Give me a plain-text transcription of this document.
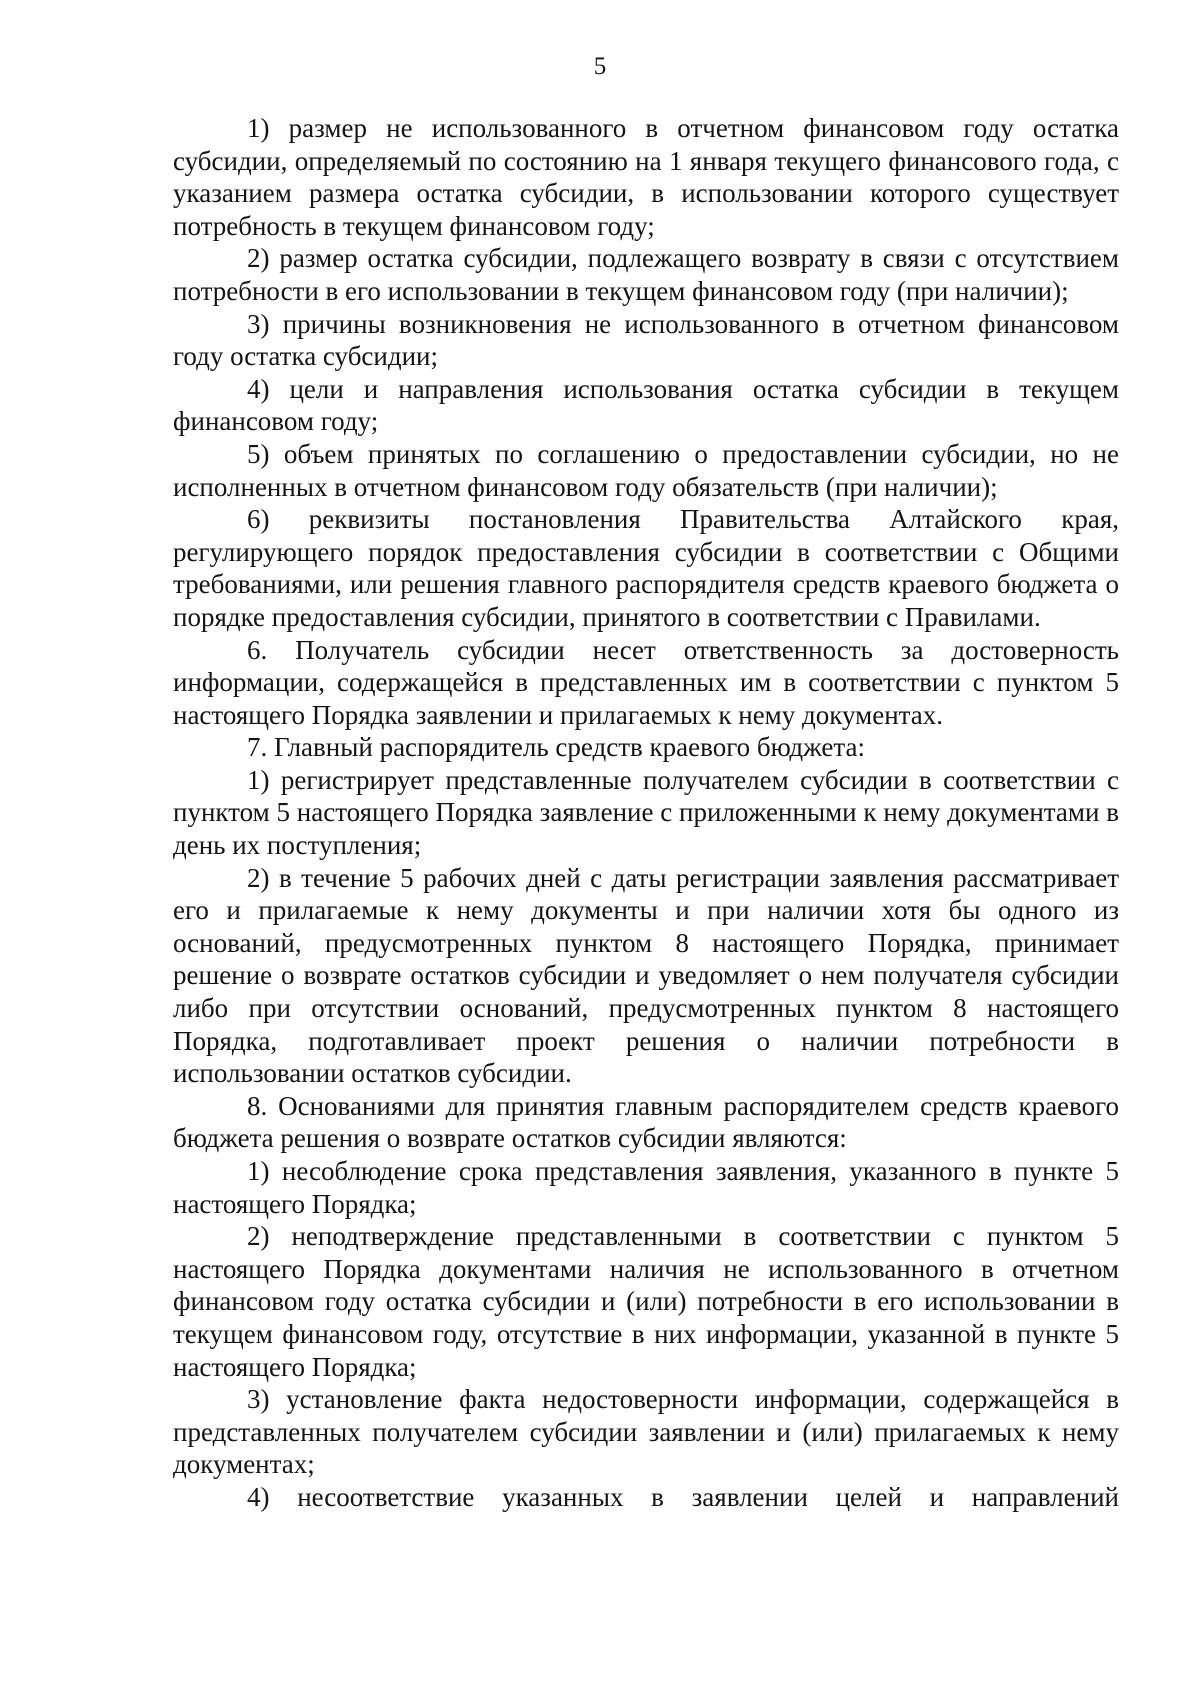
5

1) размер не использованного в отчетном финансовом году остатка субсидии, определяемый по состоянию на 1 января текущего финансового года, с указанием размера остатка субсидии, в использовании которого существует потребность в текущем финансовом году;

2) размер остатка субсидии, подлежащего возврату в связи с отсутствием потребности в его использовании в текущем финансовом году (при наличии);

3) причины возникновения не использованного в отчетном финансовом году остатка субсидии;

4) цели и направления использования остатка субсидии в текущем финансовом году;

5) объем принятых по соглашению о предоставлении субсидии, но не исполненных в отчетном финансовом году обязательств (при наличии);

6) реквизиты постановления Правительства Алтайского края, регулирующего порядок предоставления субсидии в соответствии с Общими требованиями, или решения главного распорядителя средств краевого бюджета о порядке предоставления субсидии, принятого в соответствии с Правилами.

6. Получатель субсидии несет ответственность за достоверность информации, содержащейся в представленных им в соответствии с пунктом 5 настоящего Порядка заявлении и прилагаемых к нему документах.

7. Главный распорядитель средств краевого бюджета:

1) регистрирует представленные получателем субсидии в соответствии с пунктом 5 настоящего Порядка заявление с приложенными к нему документами в день их поступления;

2) в течение 5 рабочих дней с даты регистрации заявления рассматривает его и прилагаемые к нему документы и при наличии хотя бы одного из оснований, предусмотренных пунктом 8 настоящего Порядка, принимает решение о возврате остатков субсидии и уведомляет о нем получателя субсидии либо при отсутствии оснований, предусмотренных пунктом 8 настоящего Порядка, подготавливает проект решения о наличии потребности в использовании остатков субсидии.

8. Основаниями для принятия главным распорядителем средств краевого бюджета решения о возврате остатков субсидии являются:

1) несоблюдение срока представления заявления, указанного в пункте 5 настоящего Порядка;

2) неподтверждение представленными в соответствии с пунктом 5 настоящего Порядка документами наличия не использованного в отчетном финансовом году остатка субсидии и (или) потребности в его использовании в текущем финансовом году, отсутствие в них информации, указанной в пункте 5 настоящего Порядка;

3) установление факта недостоверности информации, содержащейся в представленных получателем субсидии заявлении и (или) прилагаемых к нему документах;

4) несоответствие указанных в заявлении целей и направлений
